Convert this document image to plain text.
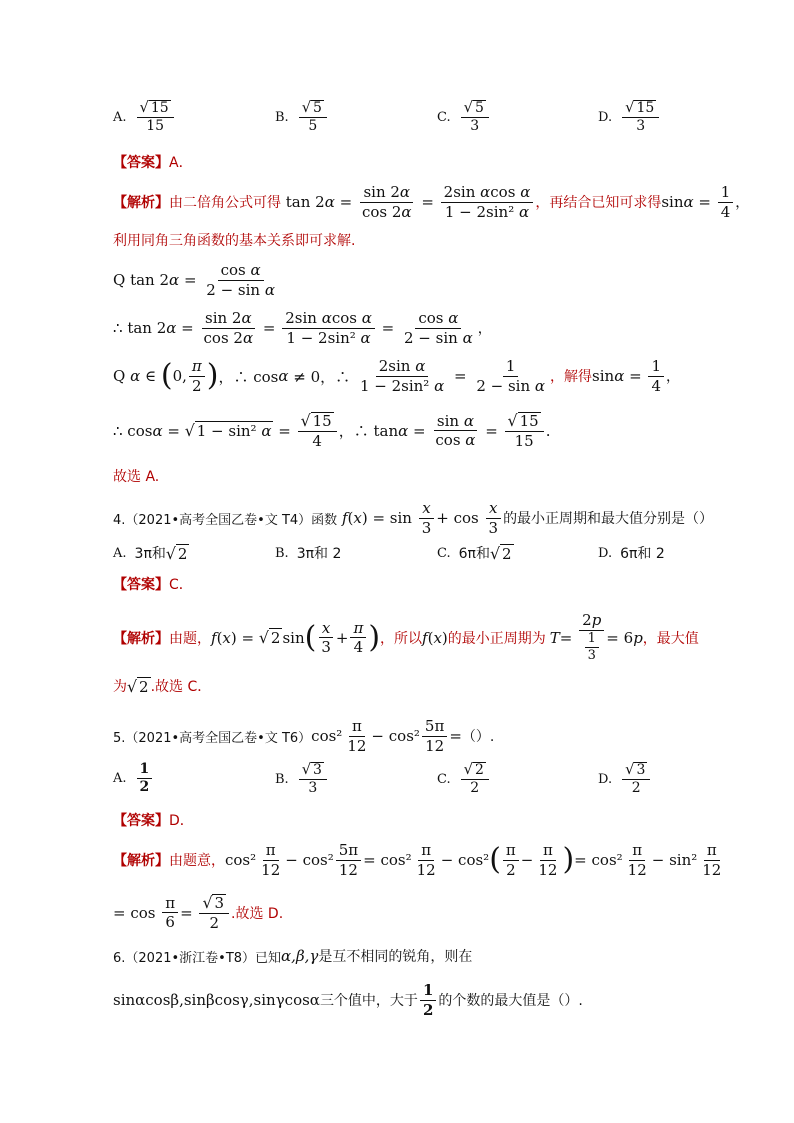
A. $\frac{√ 15}{15}$	B. $\frac{√ 5}{5}$	C. $\frac{√ 5}{3}$	D. $\frac{√ 15}{3}$
【答案】 A．
【解析】 由二倍角公式可得 tan 2 $\alpha = \frac{\sin 2\alpha}{\cos 2\alpha} = \frac{\text{2sin αcos α}}{\text{1 − 2sin² α}}$ ，再结合已知可求得 $\sin \alpha = \frac{1}{4}$ ，
利用同角三角函数的基本关系即可求解.
Q tan 2 $\alpha = \frac{\text{cos α}}{\text{2 − sin α}}$
∴ tan 2 $\alpha = \frac{\sin 2\alpha}{\cos 2\alpha} = \frac{\text{2sin αcos α}}{\text{1 − 2sin² α}} = \frac{\text{cos α}}{\text{2 − sin α}}$ ，
Q α ∈ ( 0, $\frac{\pi}{2}$ ) ，∴ cos α ≠ 0，∴ $\frac{\text{2sin α}}{\text{1 − 2sin² α}} = \frac{1}{\text{2 − sin α}}$ ，解得 $\sin \alpha = \frac{1}{4}$ ，
∴ cos α = √ 1 − sin² $\alpha = \frac{√ 15}{4}$ ，∴ $\tan \alpha = \frac{\text{sin α}}{\text{cos α}} = \frac{√ 15}{15}$ .
故选 A.
4.（2021•高考全国乙卷•文 T4）函数
f ( x ) = $\sin \frac{x}{3} + \cos \frac{x}{3}$ 的最小正周期和最大值分别是（）
A. 3π和 √ 2	B. 3π和 2	C. 6π和 √ 2	D. 6π和 2
【答案】 C．
【解析】 由题， f ( x ) = √ 2 sin ( $\frac{x}{3} + \frac{\pi}{4}$ ) ，所以 f ( x ) 的最小正周期为 $T = \frac{2p}{\frac{1}{3}} = 6$ p ，最大值
为 √ 2 .故选 C．
5.（2021•高考全国乙卷•文 T6） $\cos^2 \frac{\pi}{12} - \cos^2 \frac{5\pi}{12}$ = （）.
A. $\frac{1}{2}$	B. $\frac{√ 3}{3}$	C. $\frac{√ 2}{2}$	D. $\frac{√ 3}{2}$
【答案】 D．
【解析】 由题意， $\cos^2 \frac{\pi}{12} - \cos^2 \frac{5\pi}{12} = \cos^2 \frac{\pi}{12} - \cos^2$ ( $\frac{\pi}{2} - \frac{\pi}{12}$ ) = $\cos^2 \frac{\pi}{12} - \sin^2 \frac{\pi}{12}$
= $\cos \frac{\pi}{6} = \frac{√ 3}{2}$ .故选 D.
6.（2021•浙江卷•T8）已知 α,β,γ 是互不相同的锐角，则在
sinαcosβ,sinβcosγ,sinγcosα 三个值中，大于 $\frac{1}{2}$ 的个数的最大值是（）.
